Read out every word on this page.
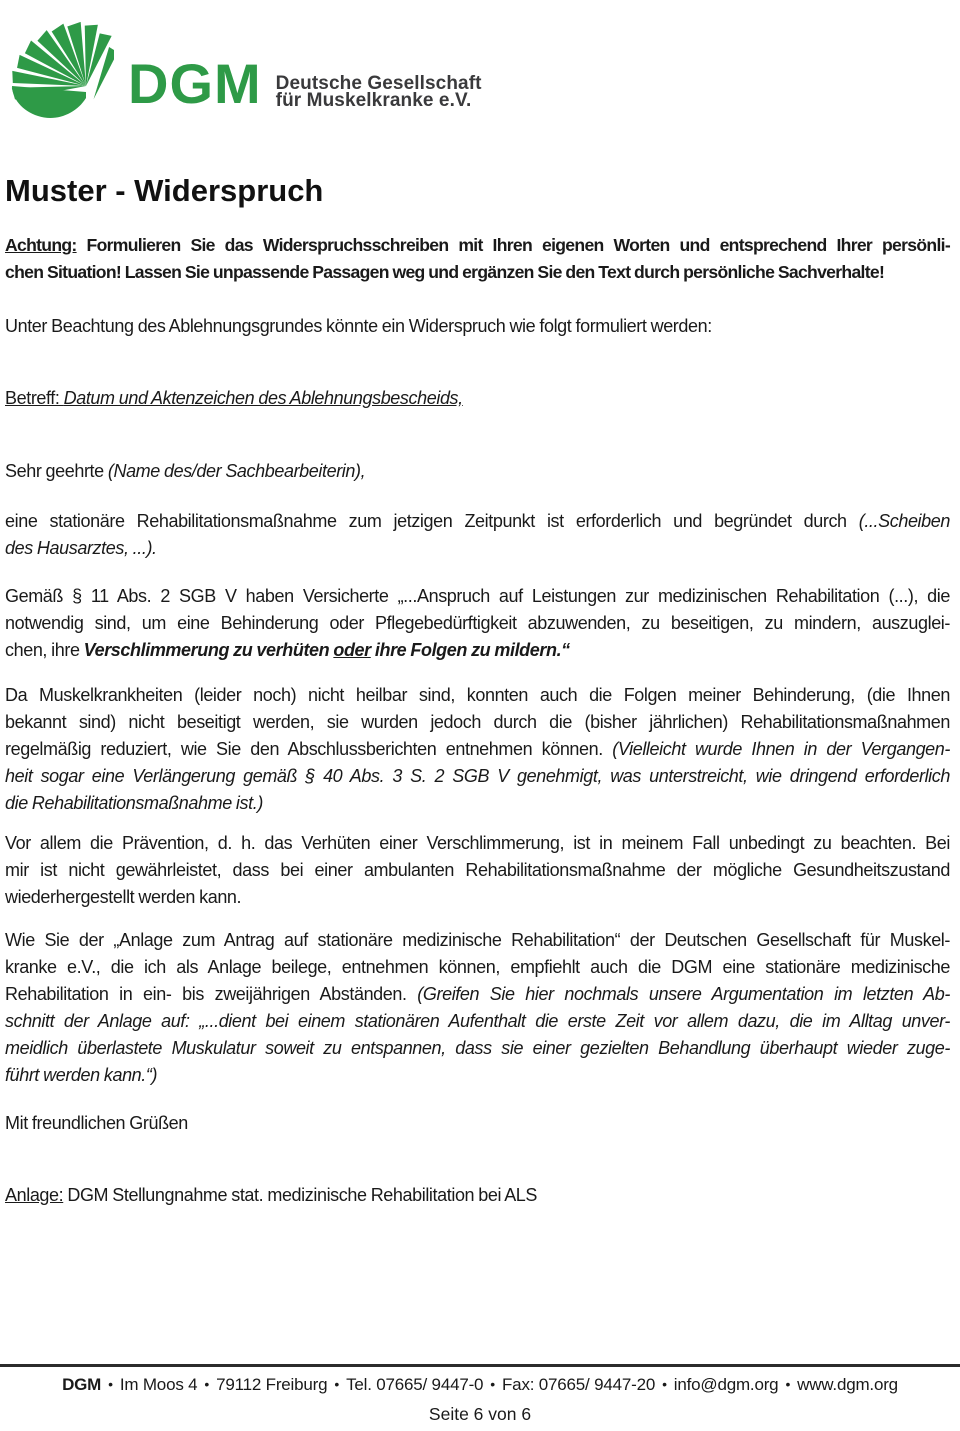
DGM Deutsche Gesellschaft
für Muskelkranke e.V.
Muster - Widerspruch
Achtung: Formulieren Sie das Widerspruchsschreiben mit Ihren eigenen Worten und entsprechend Ihrer persönli-
chen Situation! Lassen Sie unpassende Passagen weg und ergänzen Sie den Text durch persönliche Sachverhalte!
Unter Beachtung des Ablehnungsgrundes könnte ein Widerspruch wie folgt formuliert werden:
Betreff: Datum und Aktenzeichen des Ablehnungsbescheids,
Sehr geehrte (Name des/der Sachbearbeiterin),
eine stationäre Rehabilitationsmaßnahme zum jetzigen Zeitpunkt ist erforderlich und begründet durch (...Scheiben
des Hausarztes, ...).
Gemäß § 11 Abs. 2 SGB V haben Versicherte „...Anspruch auf Leistungen zur medizinischen Rehabilitation (...), die
notwendig sind, um eine Behinderung oder Pflegebedürftigkeit abzuwenden, zu beseitigen, zu mindern, auszuglei-
chen, ihre Verschlimmerung zu verhüten oder ihre Folgen zu mildern.“
Da Muskelkrankheiten (leider noch) nicht heilbar sind, konnten auch die Folgen meiner Behinderung, (die Ihnen
bekannt sind) nicht beseitigt werden, sie wurden jedoch durch die (bisher jährlichen) Rehabilitationsmaßnahmen
regelmäßig reduziert, wie Sie den Abschlussberichten entnehmen können. (Vielleicht wurde Ihnen in der Vergangen-
heit sogar eine Verlängerung gemäß § 40 Abs. 3 S. 2 SGB V genehmigt, was unterstreicht, wie dringend erforderlich
die Rehabilitationsmaßnahme ist.)
Vor allem die Prävention, d. h. das Verhüten einer Verschlimmerung, ist in meinem Fall unbedingt zu beachten. Bei
mir ist nicht gewährleistet, dass bei einer ambulanten Rehabilitationsmaßnahme der mögliche Gesundheitszustand
wiederhergestellt werden kann.
Wie Sie der „Anlage zum Antrag auf stationäre medizinische Rehabilitation“ der Deutschen Gesellschaft für Muskel-
kranke e.V., die ich als Anlage beilege, entnehmen können, empfiehlt auch die DGM eine stationäre medizinische
Rehabilitation in ein- bis zweijährigen Abständen. (Greifen Sie hier nochmals unsere Argumentation im letzten Ab-
schnitt der Anlage auf: „...dient bei einem stationären Aufenthalt die erste Zeit vor allem dazu, die im Alltag unver-
meidlich überlastete Muskulatur soweit zu entspannen, dass sie einer gezielten Behandlung überhaupt wieder zuge-
führt werden kann.“)
Mit freundlichen Grüßen
Anlage: DGM Stellungnahme stat. medizinische Rehabilitation bei ALS
DGM • Im Moos 4 • 79112 Freiburg • Tel. 07665/ 9447-0 • Fax: 07665/ 9447-20 • info@dgm.org • www.dgm.org
Seite 6 von 6
